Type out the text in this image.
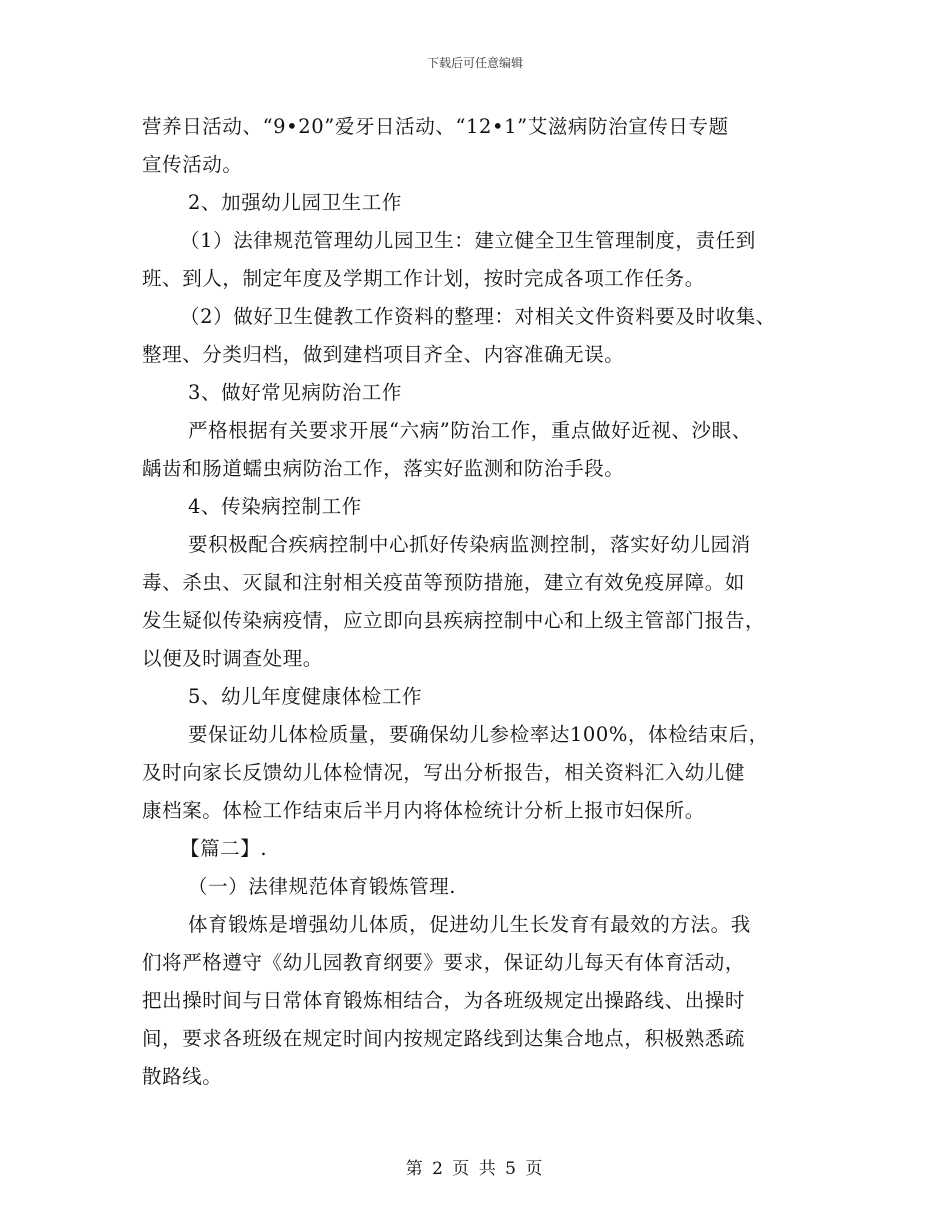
下载后可任意编辑
营养日活动、“9•20”爱牙日活动、“12•1”艾滋病防治宣传日专题
宣传活动。
2、加强幼儿园卫生工作
（1）法律规范管理幼儿园卫生：建立健全卫生管理制度，责任到
班、到人，制定年度及学期工作计划，按时完成各项工作任务。
（2）做好卫生健教工作资料的整理：对相关文件资料要及时收集、
整理、分类归档，做到建档项目齐全、内容准确无误。
3、做好常见病防治工作
严格根据有关要求开展“六病”防治工作，重点做好近视、沙眼、
龋齿和肠道蠕虫病防治工作，落实好监测和防治手段。
4、传染病控制工作
要积极配合疾病控制中心抓好传染病监测控制，落实好幼儿园消
毒、杀虫、灭鼠和注射相关疫苗等预防措施，建立有效免疫屏障。如
发生疑似传染病疫情，应立即向县疾病控制中心和上级主管部门报告，
以便及时调查处理。
5、幼儿年度健康体检工作
要保证幼儿体检质量，要确保幼儿参检率达100%，体检结束后，
及时向家长反馈幼儿体检情况，写出分析报告，相关资料汇入幼儿健
康档案。体检工作结束后半月内将体检统计分析上报市妇保所。
【篇二】.
（一）法律规范体育锻炼管理.
体育锻炼是增强幼儿体质，促进幼儿生长发育有最效的方法。我
们将严格遵守《幼儿园教育纲要》要求，保证幼儿每天有体育活动，
把出操时间与日常体育锻炼相结合，为各班级规定出操路线、出操时
间，要求各班级在规定时间内按规定路线到达集合地点，积极熟悉疏
散路线。
第 2 页 共 5 页
